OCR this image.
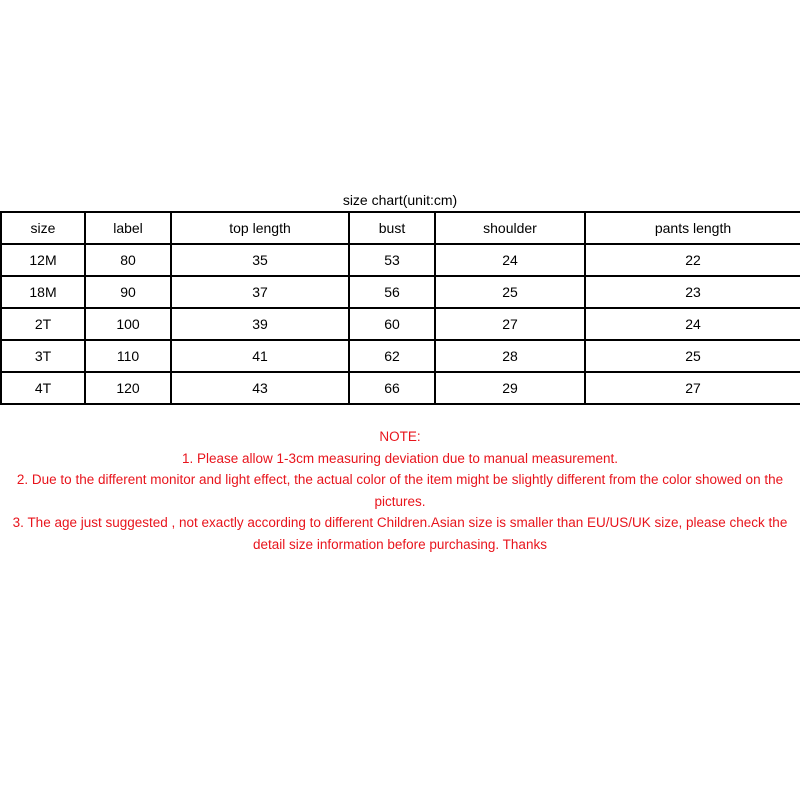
size chart(unit:cm)
size	label	top length	bust	shoulder	pants length
12M	80	35	53	24	22
18M	90	37	56	25	23
2T	100	39	60	27	24
3T	110	41	62	28	25
4T	120	43	66	29	27

NOTE:

1. Please allow 1-3cm measuring deviation due to manual measurement.

2. Due to the different monitor and light effect, the actual color of the item might be slightly different from the color showed on the pictures.

3. The age just suggested , not exactly according to different Children.Asian size is smaller than EU/US/UK size, please check the detail size information before purchasing. Thanks
